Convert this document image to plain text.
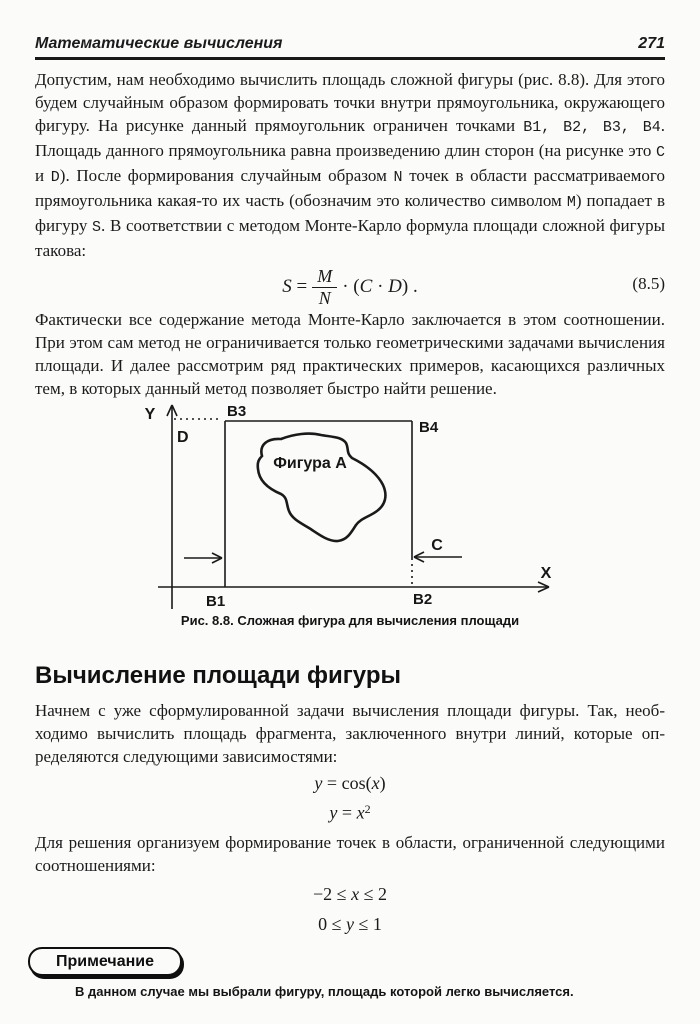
Математические вычисления	271

Допустим, нам необходимо вычислить площадь сложной фигуры (рис. 8.8). Для этого будем случайным образом формировать точки внутри прямоугольника, окружающего фигуру. На рисунке данный прямоугольник ограничен точками B1, B2, B3, B4. Площадь данного прямоугольника равна произведению длин сторон (на рисунке это C и D). После формирования случайным образом N точек в области рассматриваемого прямоугольника какая-то их часть (обозначим это количество символом M) попадает в фигуру S. В соответствии с методом Монте-Карло формула площади сложной фигуры такова:

$S = \frac{M}{N} \cdot (C \cdot D)$ .	(8.5)

Фактически все содержание метода Монте-Карло заключается в этом соотношении. При этом сам метод не ограничивается только геометрическими задачами вычисления площади. И далее рассмотрим ряд практических примеров, касающихся различных тем, в которых данный метод позволяет быстро найти решение.

Y
X
B3
B4
B1	B2
D
C
Фигура А
Рис. 8.8. Сложная фигура для вычисления площади
Вычисление площади фигуры

Начнем с уже сформулированной задачи вычисления площади фигуры. Так, необходимо вычислить площадь фрагмента, заключенного внутри линий, которые определяются следующими зависимостями:

y = cos(x)
$y = x^2$

Для решения организуем формирование точек в области, ограниченной следующими соотношениями:

−2 ≤ x ≤ 2
0 ≤ y ≤ 1
Примечание

В данном случае мы выбрали фигуру, площадь которой легко вычисляется.
